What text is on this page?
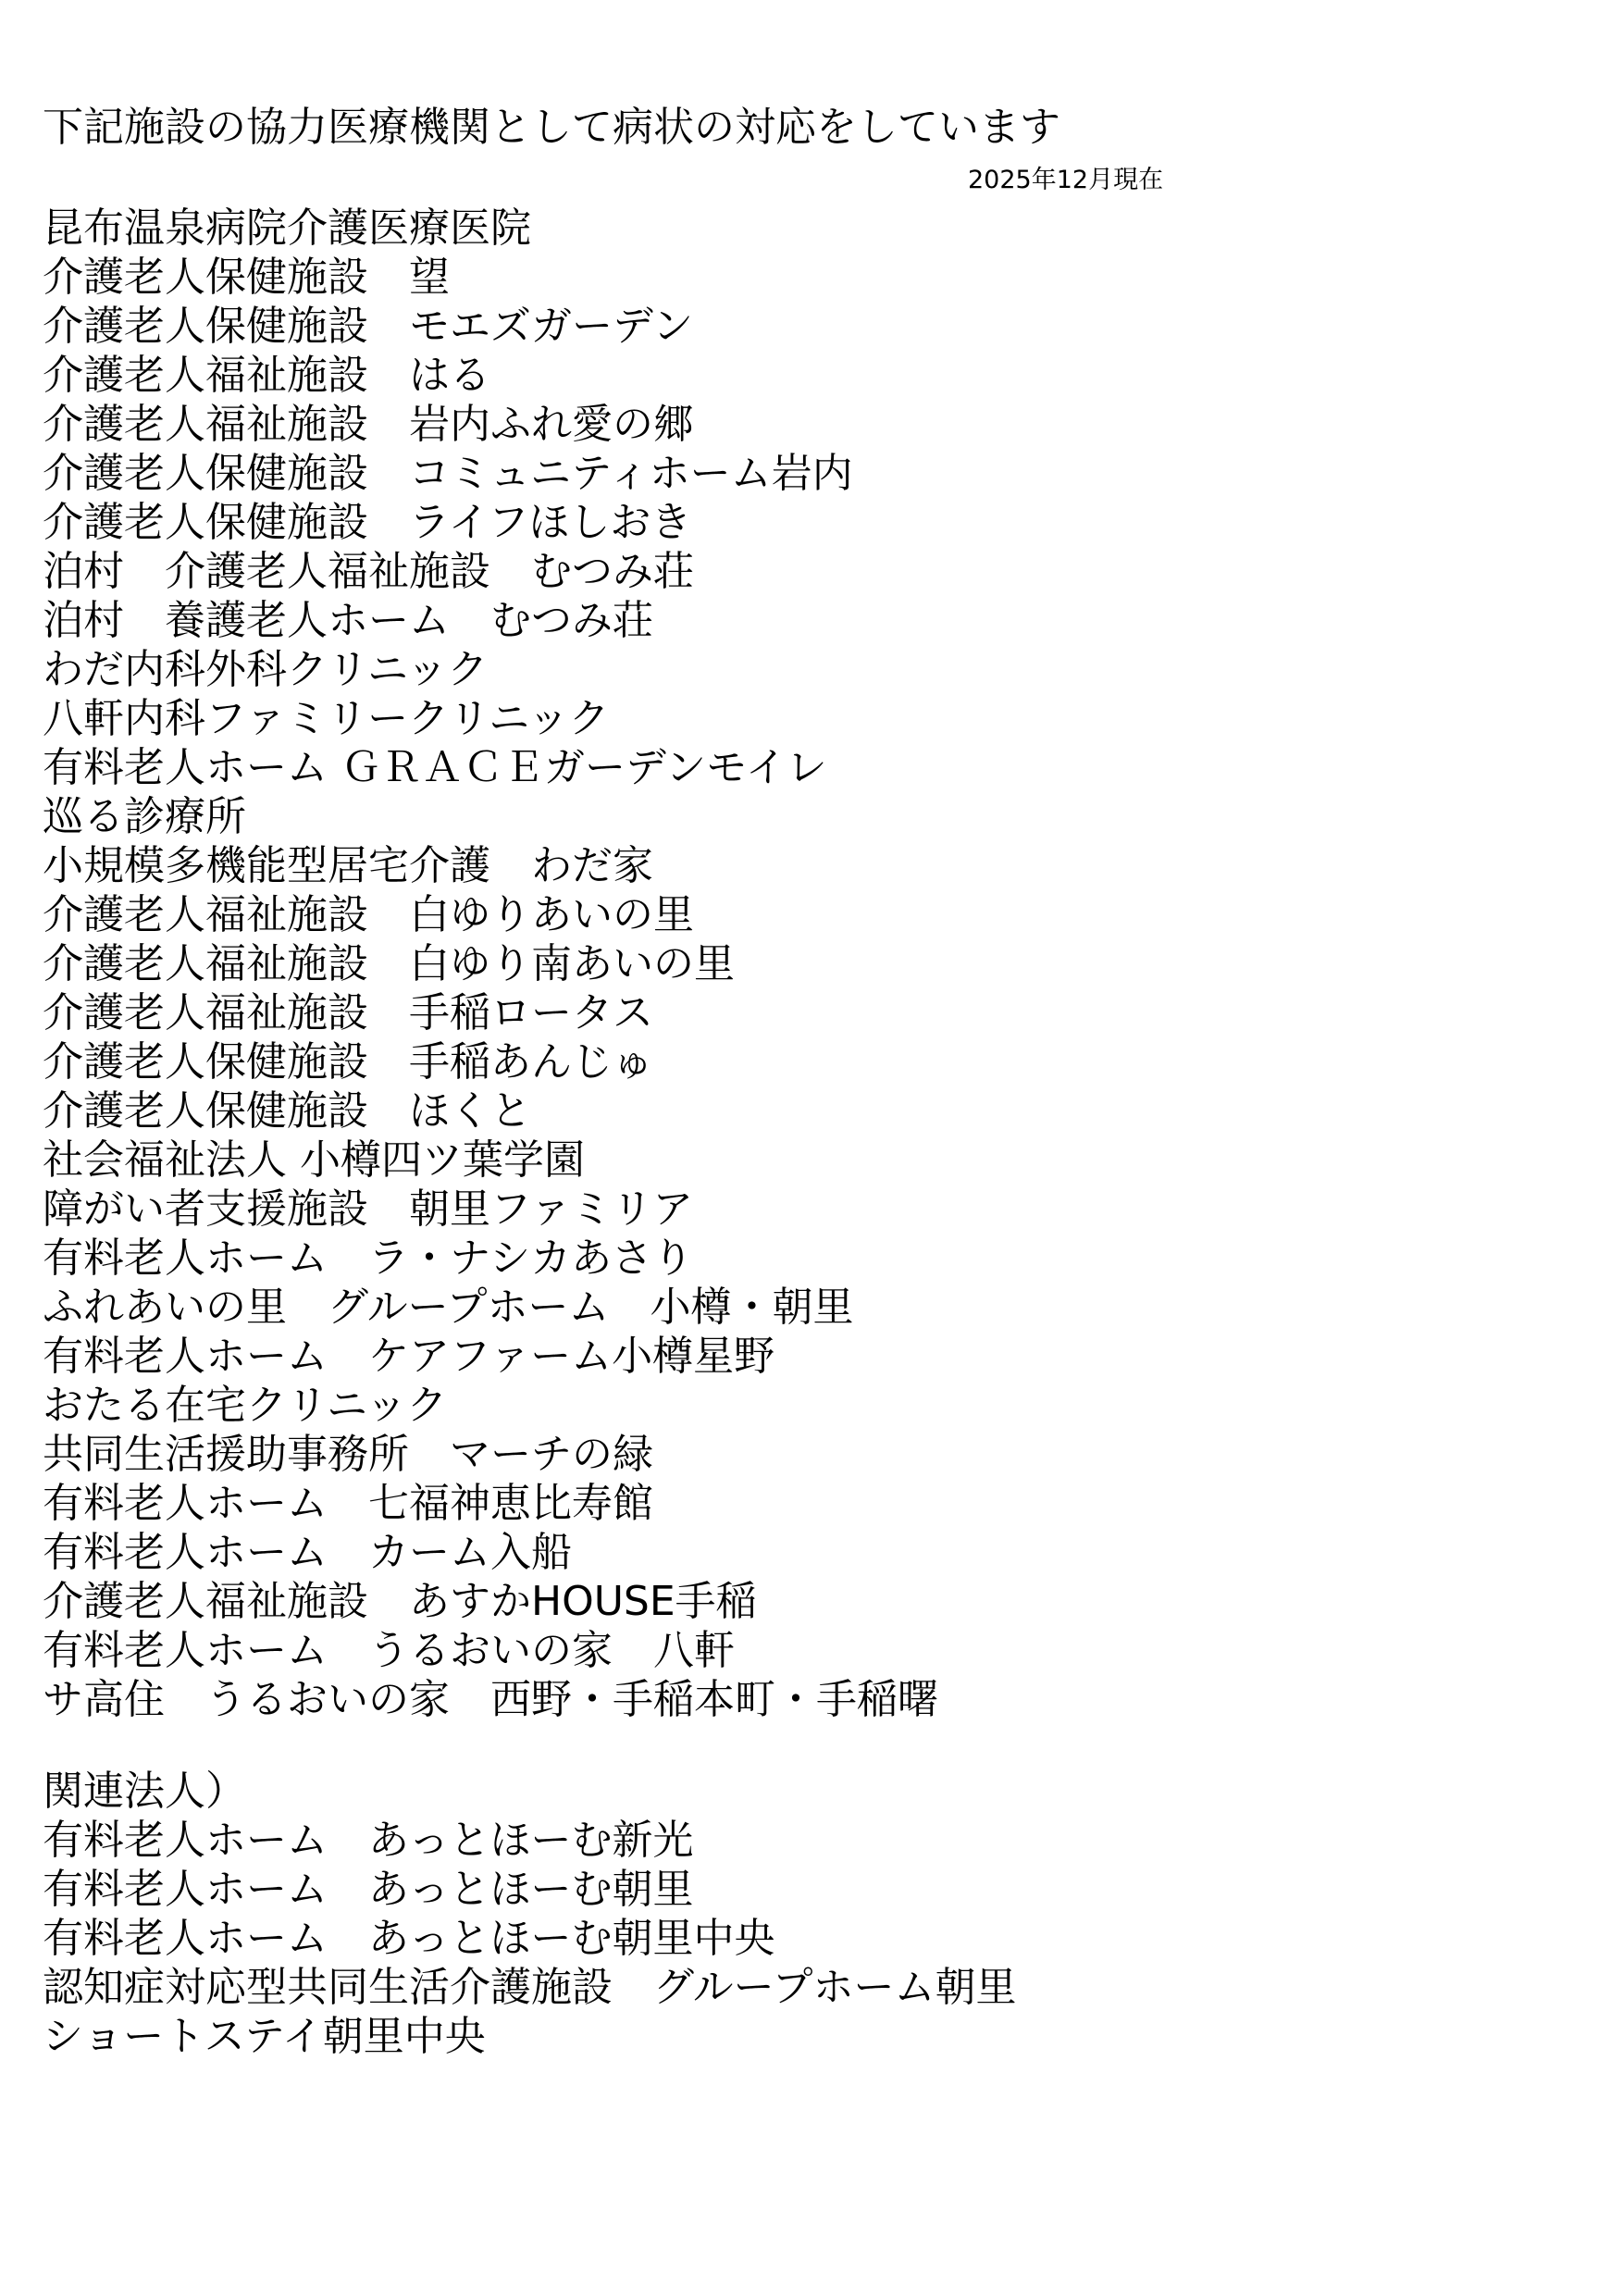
下記施設の協力医療機関として病状の対応をしています
2025年12月現在
昆布温泉病院介護医療医院
介護老人保健施設　望
介護老人保健施設　モエズガーデン
介護老人福祉施設　はる
介護老人福祉施設　岩内ふれ愛の郷
介護老人保健施設　コミュニティホーム岩内
介護老人保健施設　ライフほしおき
泊村　介護老人福祉施設　むつみ荘
泊村　養護老人ホーム　むつみ荘
わだ内科外科クリニック
八軒内科ファミリークリニック
有料老人ホーム ＧＲＡＣＥガーデンモイレ
巡る診療所
小規模多機能型居宅介護　わだ家
介護老人福祉施設　白ゆりあいの里
介護老人福祉施設　白ゆり南あいの里
介護老人福祉施設　手稲ロータス
介護老人保健施設　手稲あんじゅ
介護老人保健施設　ほくと
社会福祉法人 小樽四ツ葉学園
障がい者支援施設　朝里ファミリア
有料老人ホーム　ラ・ナシカあさり
ふれあいの里　グループホーム　小樽・朝里
有料老人ホーム　ケアファーム小樽星野
おたる在宅クリニック
共同生活援助事務所　マーチの緑
有料老人ホーム　七福神恵比寿館
有料老人ホーム　カーム入船
介護老人福祉施設　あすかHOUSE手稲
有料老人ホーム　うるおいの家　八軒
サ高住　うるおいの家　西野・手稲本町・手稲曙
関連法人）
有料老人ホーム　あっとほーむ新光
有料老人ホーム　あっとほーむ朝里
有料老人ホーム　あっとほーむ朝里中央
認知症対応型共同生活介護施設　グループホーム朝里
ショートステイ朝里中央
